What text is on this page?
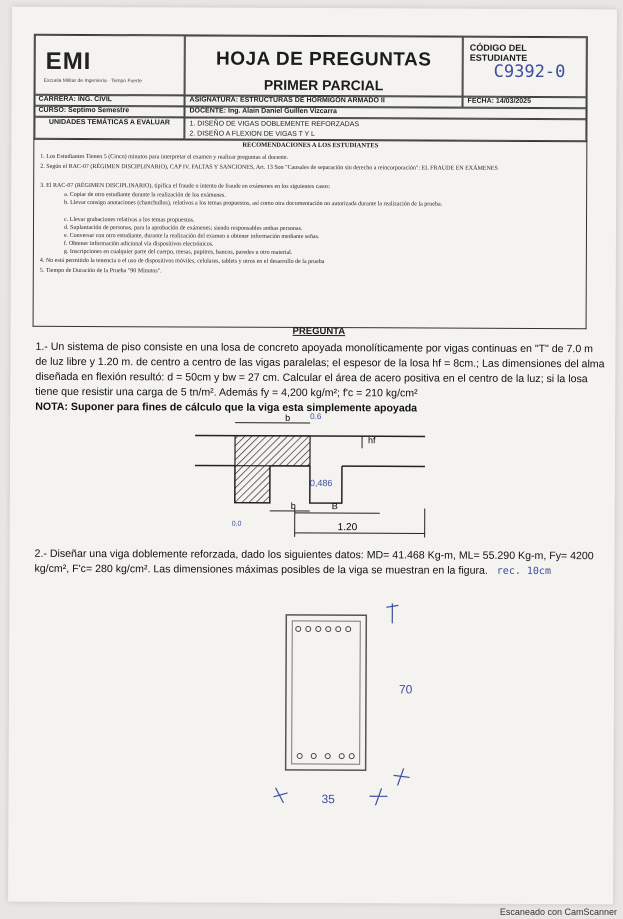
EMI
Escuela Militar de Ingeniería · Tempo Fuerte
HOJA DE PREGUNTAS
PRIMER PARCIAL
CÓDIGO DEL ESTUDIANTE
C9392-0
CARRERA: ING. CIVIL	ASIGNATURA: ESTRUCTURAS DE HORMIGÓN ARMADO II	FECHA: 14/03/2025
CURSO: Septimo Semestre	DOCENTE: Ing. Alain Daniel Guillen Vizcarra
UNIDADES TEMÁTICAS A EVALUAR	1. DISEÑO DE VIGAS DOBLEMENTE REFORZADAS
2. DISEÑO A FLEXION DE VIGAS T Y L
RECOMENDACIONES A LOS ESTUDIANTES
1. Los Estudiantes Tienen 5 (Cinco) minutos para interpretar el examen y realizar preguntas al docente.
2. Según el RAC-07 (RÉGIMEN DISCIPLINARIO), CAP IV. FALTAS Y SANCIONES, Art. 13 Son "Causales de separación sin derecho a reincorporación": EL FRAUDE EN EXÁMENES
3. El RAC-07 (RÉGIMEN DISCIPLINARIO), tipifica el fraude o intento de fraude en exámenes en los siguientes casos:
a. Copiar de otro estudiante durante la realización de los exámenes.
b. Llevar consigo anotaciones (chanchullos), relativos a los temas propuestos, así como otra documentación no autorizada durante la realización de la prueba.
c. Llevar grabaciones relativas a los temas propuestos.
d. Suplantación de personas, para la aprobación de exámenes; siendo responsables ambas personas.
e. Conversar con otro estudiante, durante la realización del examen u obtener información mediante señas.
f. Obtener información adicional vía dispositivos electrónicos.
g. Inscripciones en cualquier parte del cuerpo, mesas, pupitres, bancos, paredes u otro material.
4. No está permitido la tenencia o el uso de dispositivos móviles, celulares, tablets y otros en el desarrollo de la prueba
5. Tiempo de Duración de la Prueba "90 Minutos".
PREGUNTA
1.- Un sistema de piso consiste en una losa de concreto apoyada monolíticamente por vigas continuas en "T" de 7.0 m de luz libre y 1.20 m. de centro a centro de las vigas paralelas; el espesor de la losa hf = 8cm.; Las dimensiones del alma diseñada en flexión resultó: d = 50cm y bw = 27 cm. Calcular el área de acero positiva en el centro de la luz; si la losa tiene que resistir una carga de 5 tn/m². Además fy = 4,200 kg/m²; f'c = 210 kg/cm²
NOTA: Suponer para fines de cálculo que la viga esta simplemente apoyada
b 0.6
hf
0,486
b	B
1.20
0,0
2.- Diseñar una viga doblemente reforzada, dado los siguientes datos: MD= 41.468 Kg-m, ML= 55.290 Kg-m, Fy= 4200 kg/cm², F'c= 280 kg/cm². Las dimensiones máximas posibles de la viga se muestran en la figura. rec. 10cm
70
35
Escaneado con CamScanner
